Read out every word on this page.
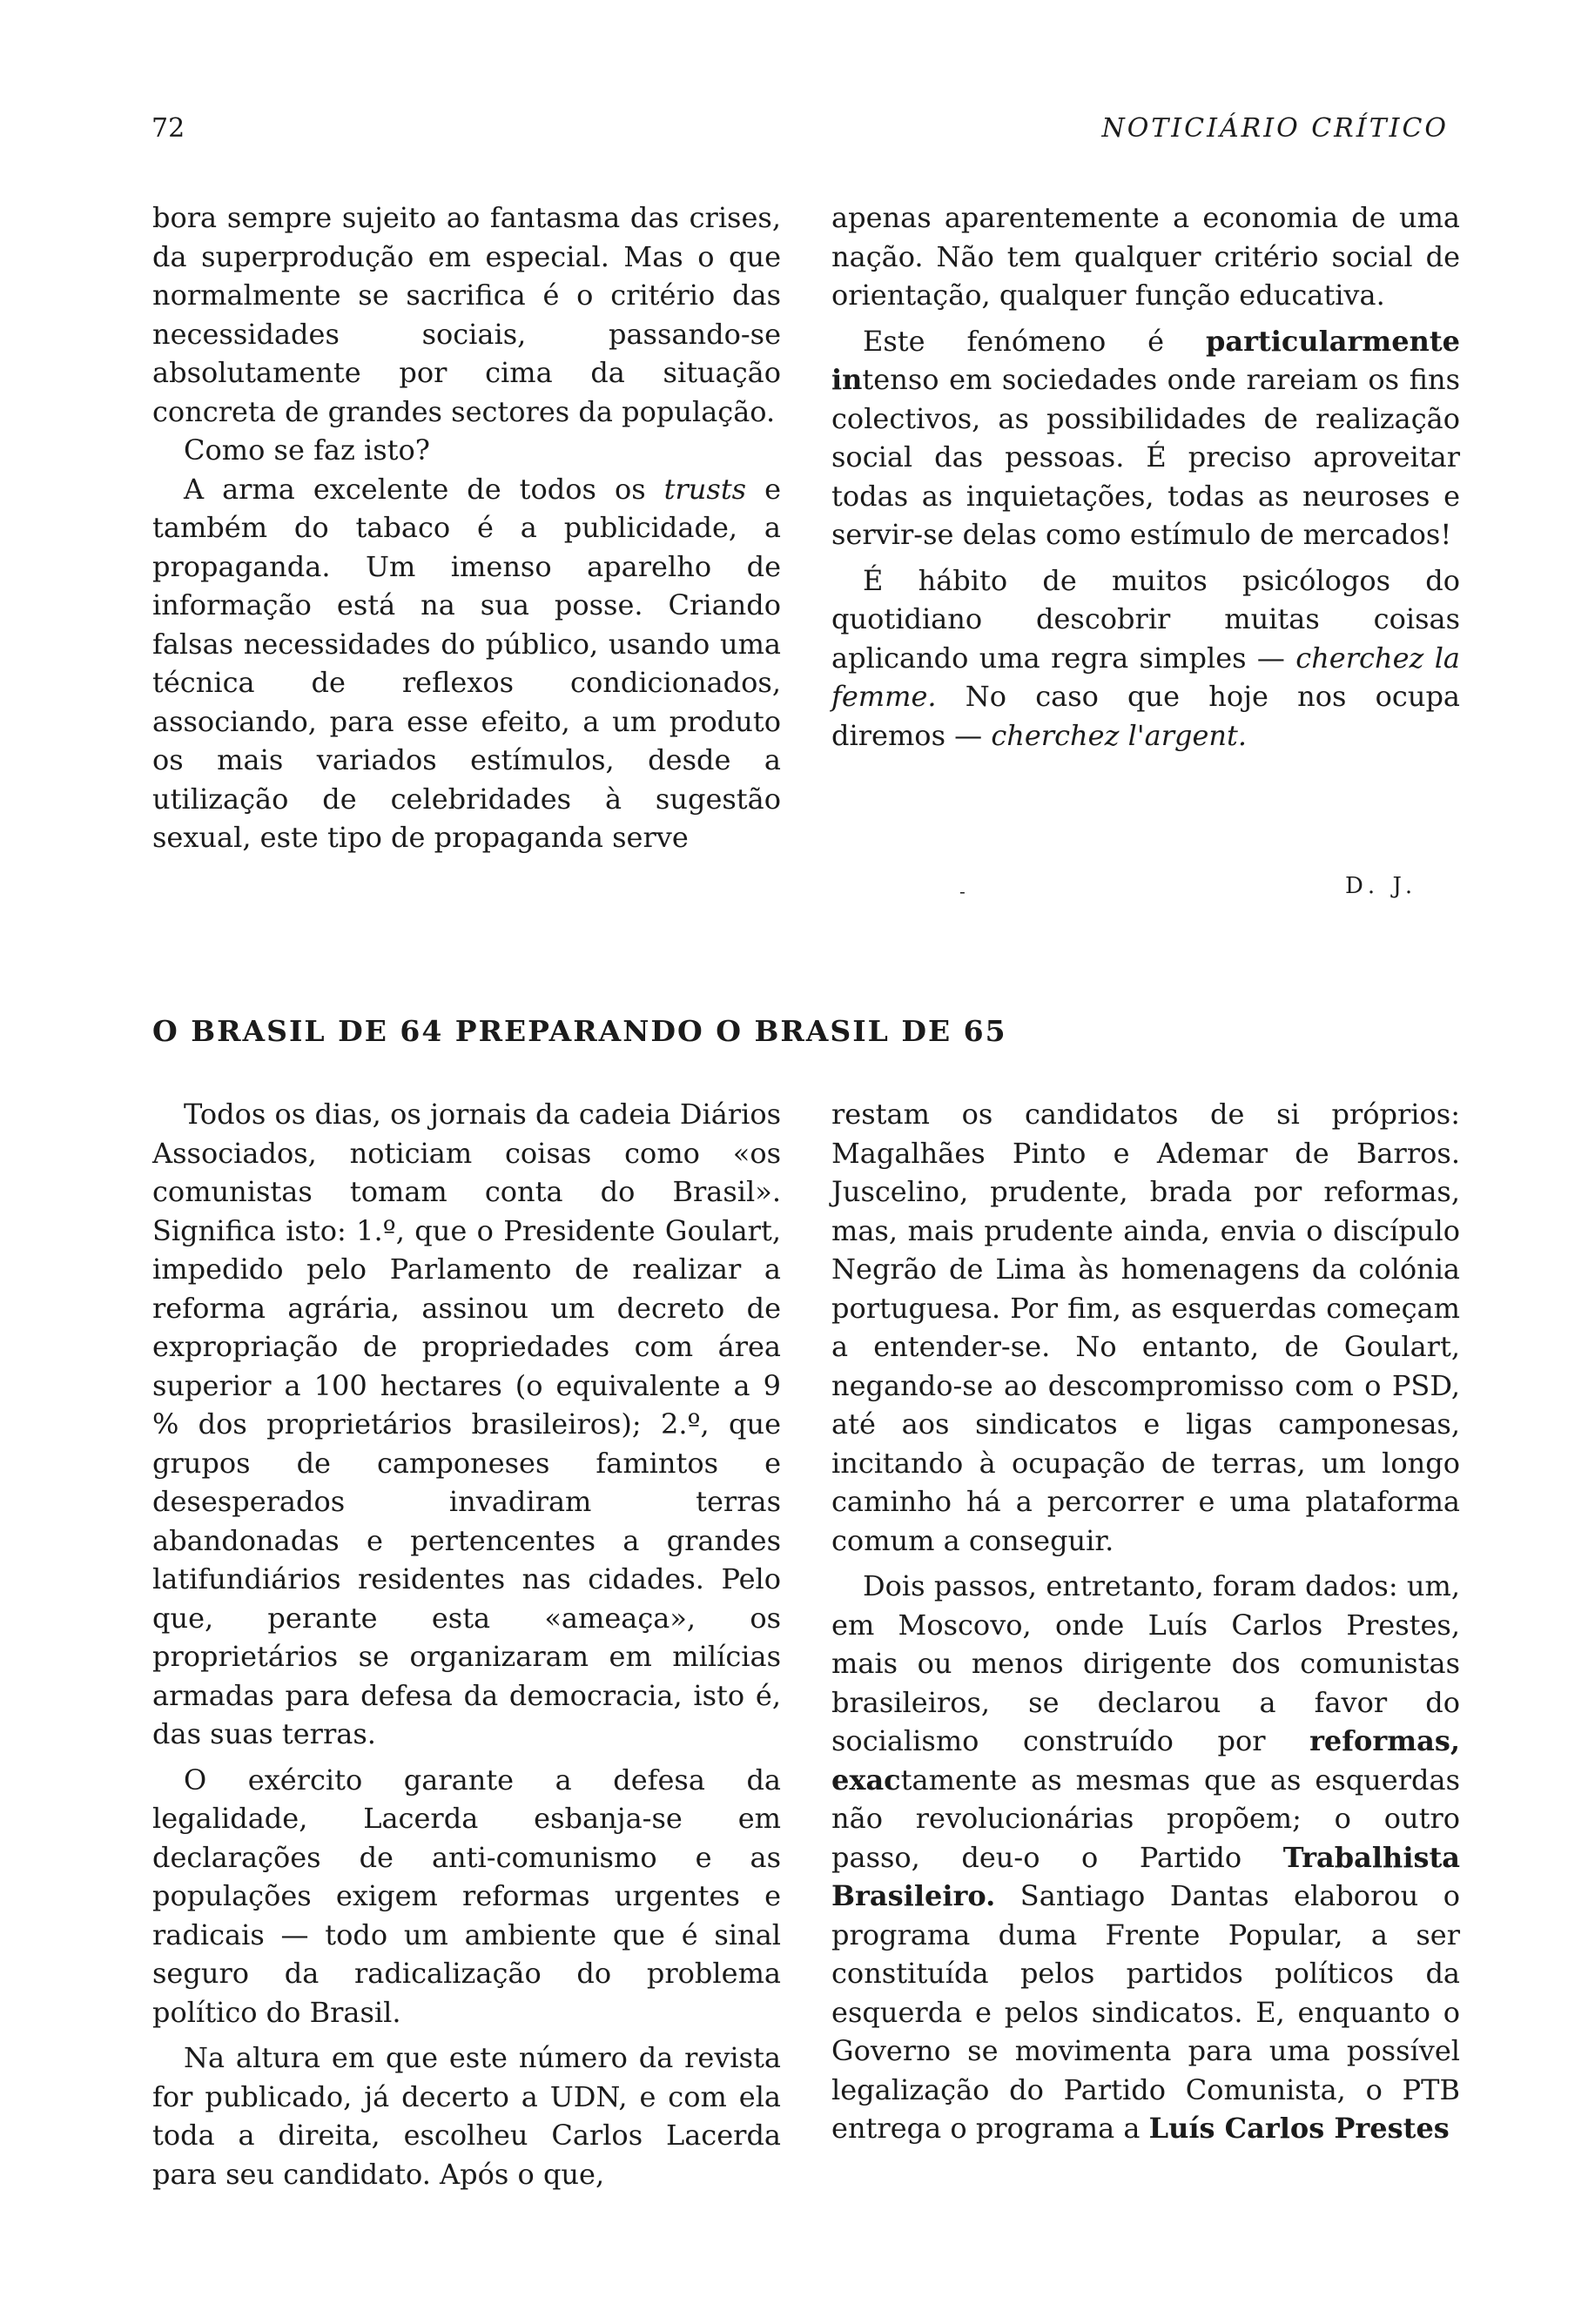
72	NOTICIÁRIO CRÍTICO

bora sempre sujeito ao fantasma das crises, da superprodução em especial. Mas o que normalmente se sacrifica é o critério das necessidades sociais, passando-se absolutamente por cima da situação concreta de grandes sectores da população.

Como se faz isto?

A arma excelente de todos os trusts e também do tabaco é a publicidade, a propaganda. Um imenso aparelho de informação está na sua posse. Criando falsas necessidades do público, usando uma técnica de reflexos condicionados, associando, para esse efeito, a um produto os mais variados estímulos, desde a utilização de celebridades à sugestão sexual, este tipo de propaganda serve

apenas aparentemente a economia de uma nação. Não tem qualquer critério social de orientação, qualquer função educativa.

Este fenómeno é particularmente intenso em sociedades onde rareiam os fins colectivos, as possibilidades de realização social das pessoas. É preciso aproveitar todas as inquietações, todas as neuroses e servir-se delas como estímulo de mercados!

É hábito de muitos psicólogos do quotidiano descobrir muitas coisas aplicando uma regra simples — cherchez la femme. No caso que hoje nos ocupa diremos — cherchez l'argent.

-	D. J.
O BRASIL DE 64 PREPARANDO O BRASIL DE 65

Todos os dias, os jornais da cadeia Diários Associados, noticiam coisas como «os comunistas tomam conta do Brasil». Significa isto: 1.º, que o Presidente Goulart, impedido pelo Parlamento de realizar a reforma agrária, assinou um decreto de expropriação de propriedades com área superior a 100 hectares (o equivalente a 9 % dos proprietários brasileiros); 2.º, que grupos de camponeses famintos e desesperados invadiram terras abandonadas e pertencentes a grandes latifundiários residentes nas cidades. Pelo que, perante esta «ameaça», os proprietários se organizaram em milícias armadas para defesa da democracia, isto é, das suas terras.

O exército garante a defesa da legalidade, Lacerda esbanja-se em declarações de anti-comunismo e as populações exigem reformas urgentes e radicais — todo um ambiente que é sinal seguro da radicalização do problema político do Brasil.

Na altura em que este número da revista for publicado, já decerto a UDN, e com ela toda a direita, escolheu Carlos Lacerda para seu candidato. Após o que,

restam os candidatos de si próprios: Magalhães Pinto e Ademar de Barros. Juscelino, prudente, brada por reformas, mas, mais prudente ainda, envia o discípulo Negrão de Lima às homenagens da colónia portuguesa. Por fim, as esquerdas começam a entender-se. No entanto, de Goulart, negando-se ao descompromisso com o PSD, até aos sindicatos e ligas camponesas, incitando à ocupação de terras, um longo caminho há a percorrer e uma plataforma comum a conseguir.

Dois passos, entretanto, foram dados: um, em Moscovo, onde Luís Carlos Prestes, mais ou menos dirigente dos comunistas brasileiros, se declarou a favor do socialismo construído por reformas, exactamente as mesmas que as esquerdas não revolucionárias propõem; o outro passo, deu-o o Partido Trabalhista Brasileiro. Santiago Dantas elaborou o programa duma Frente Popular, a ser constituída pelos partidos políticos da esquerda e pelos sindicatos. E, enquanto o Governo se movimenta para uma possível legalização do Partido Comunista, o PTB entrega o programa a Luís Carlos Prestes
